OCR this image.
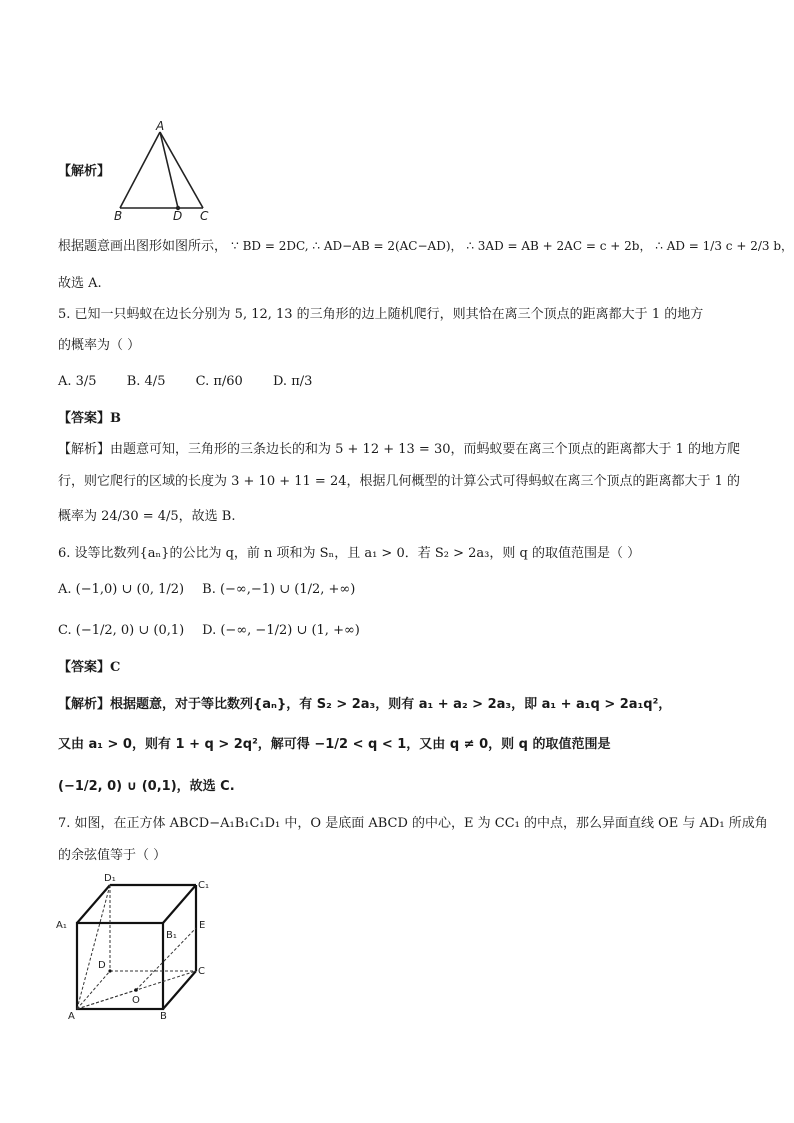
A
B	D C
【解析】
根据题意画出图形如图所示， ∵ BD = 2DC, ∴ AD−AB = 2(AC−AD)， ∴ 3AD = AB + 2AC = c + 2b， ∴ AD = 1/3 c + 2/3 b，
故选 A.
5. 已知一只蚂蚁在边长分别为 5, 12, 13 的三角形的边上随机爬行，则其恰在离三个顶点的距离都大于 1 的地方
的概率为（ ）
A. 3/5 B. 4/5 C. π/60 D. π/3
【答案】B
【解析】由题意可知，三角形的三条边长的和为 5 + 12 + 13 = 30，而蚂蚁要在离三个顶点的距离都大于 1 的地方爬
行，则它爬行的区域的长度为 3 + 10 + 11 = 24，根据几何概型的计算公式可得蚂蚁在离三个顶点的距离都大于 1 的
概率为 24/30 = 4/5，故选 B.
6. 设等比数列{aₙ}的公比为 q，前 n 项和为 Sₙ，且 a₁ > 0．若 S₂ > 2a₃，则 q 的取值范围是（ ）
A. (−1,0) ∪ (0, 1/2) B. (−∞,−1) ∪ (1/2, +∞)
C. (−1/2, 0) ∪ (0,1) D. (−∞, −1/2) ∪ (1, +∞)
【答案】C
【解析】根据题意，对于等比数列{aₙ}，有 S₂ > 2a₃，则有 a₁ + a₂ > 2a₃，即 a₁ + a₁q > 2a₁q²，
又由 a₁ > 0，则有 1 + q > 2q²，解可得 −1/2 < q < 1，又由 q ≠ 0，则 q 的取值范围是
(−1/2, 0) ∪ (0,1)，故选 C.
7. 如图，在正方体 ABCD−A₁B₁C₁D₁ 中，O 是底面 ABCD 的中心，E 为 CC₁ 的中点，那么异面直线 OE 与 AD₁ 所成角
的余弦值等于（ ）
D₁
C₁
A₁
B₁
E
D
C
O
A	B
